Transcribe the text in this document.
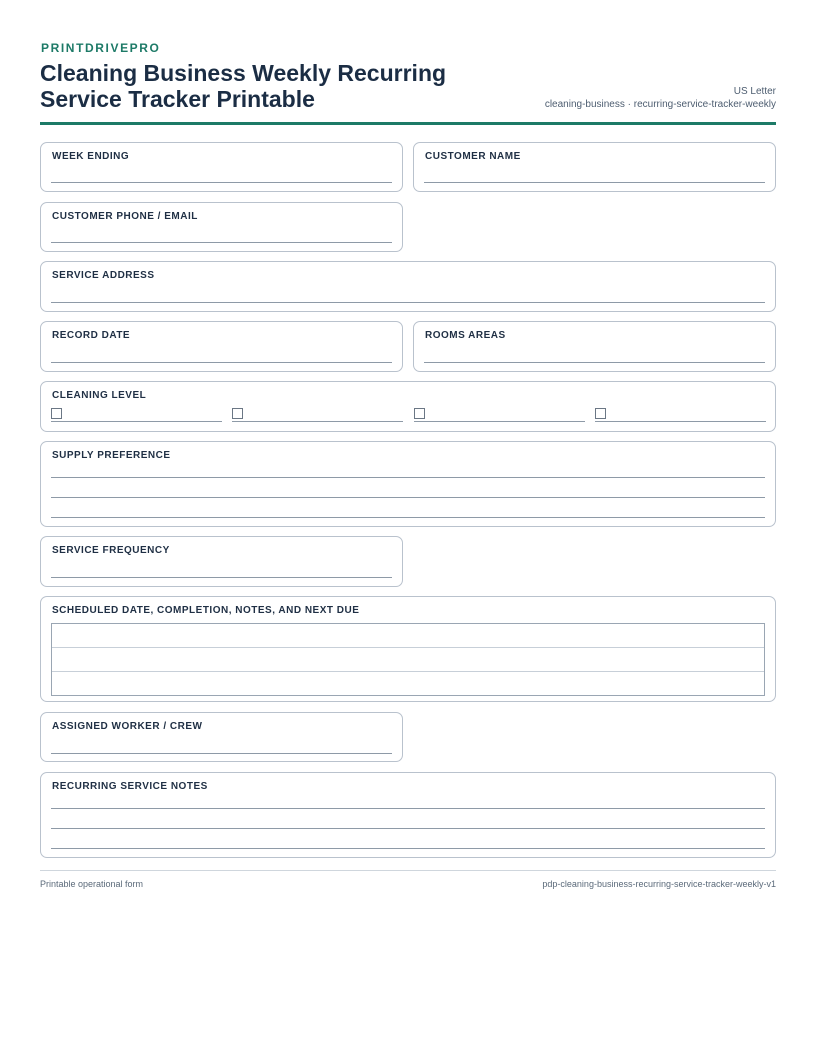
PRINTDRIVEPRO
Cleaning Business Weekly Recurring Service Tracker Printable	US Letter
cleaning-business · recurring-service-tracker-weekly
WEEK ENDING	CUSTOMER NAME
CUSTOMER PHONE / EMAIL
SERVICE ADDRESS
RECORD DATE	ROOMS AREAS
CLEANING LEVEL
SUPPLY PREFERENCE
SERVICE FREQUENCY
SCHEDULED DATE, COMPLETION, NOTES, AND NEXT DUE
ASSIGNED WORKER / CREW
RECURRING SERVICE NOTES
Printable operational form	pdp-cleaning-business-recurring-service-tracker-weekly-v1
